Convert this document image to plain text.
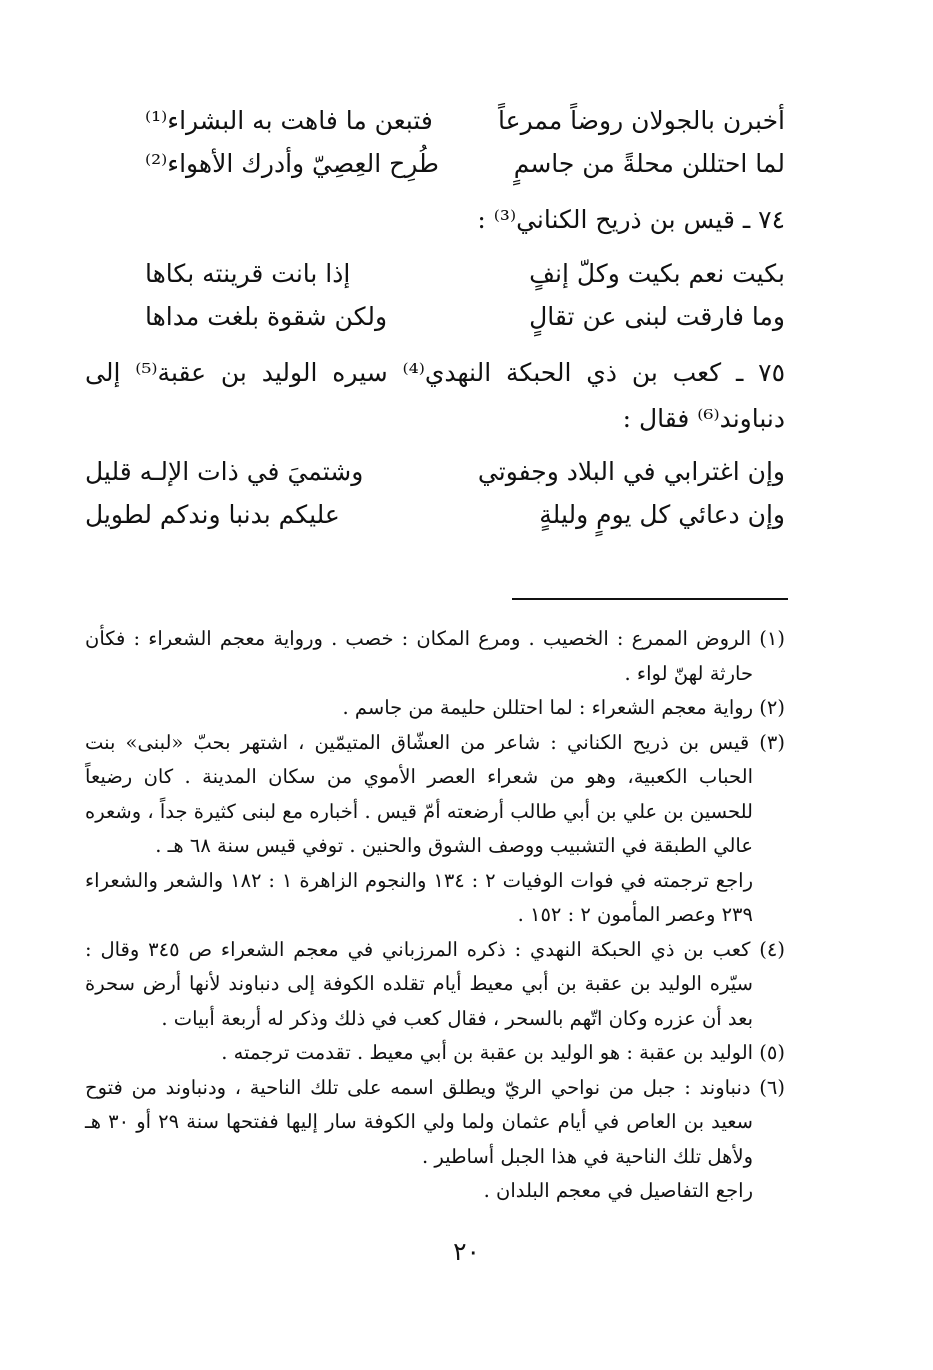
أخبرن بالجولان روضاً ممرعاً
فتبعن ما فاهت به البشراء⁽¹⁾
لما احتللن محلةً من جاسمٍ
طُرِح العِصِيّ وأدرك الأهواء⁽²⁾
٧٤ ـ قيس بن ذريح الكناني⁽³⁾ :
بكيت نعم بكيت وكلّ إنفٍ
إذا بانت قرينته بكاها
وما فارقت لبنى عن تقالٍ
ولكن شقوة بلغت مداها
٧٥ ـ كعب بن ذي الحبكة النهدي⁽⁴⁾ سيره الوليد بن عقبة⁽⁵⁾ إلى دنباوند⁽⁶⁾ فقال :
وإن اغترابي في البلاد وجفوتي
وشتميَ في ذات الإلـه قليل
وإن دعائي كل يومٍ وليلةٍ
عليكم بدنبا وندكم لطويل

(١) الروض الممرع : الخصيب . ومرع المكان : خصب . ورواية معجم الشعراء : فكأن حارثة لهنّ لواء .

(٢) رواية معجم الشعراء : لما احتللن حليمة من جاسم .

(٣) قيس بن ذريح الكناني : شاعر من العشّاق المتيمّين ، اشتهر بحبّ «لبنى» بنت الحباب الكعبية، وهو من شعراء العصر الأموي من سكان المدينة . كان رضيعاً للحسين بن علي بن أبي طالب أرضعته أمّ قيس . أخباره مع لبنى كثيرة جداً ، وشعره عالي الطبقة في التشبيب ووصف الشوق والحنين . توفي قيس سنة ٦٨ هـ .

راجع ترجمته في فوات الوفيات ٢ : ١٣٤ والنجوم الزاهرة ١ : ١٨٢ والشعر والشعراء ٢٣٩ وعصر المأمون ٢ : ١٥٢ .

(٤) كعب بن ذي الحبكة النهدي : ذكره المرزباني في معجم الشعراء ص ٣٤٥ وقال : سيّره الوليد بن عقبة بن أبي معيط أيام تقلده الكوفة إلى دنباوند لأنها أرض سحرة بعد أن عزره وكان اتّهم بالسحر ، فقال كعب في ذلك وذكر له أربعة أبيات .

(٥) الوليد بن عقبة : هو الوليد بن عقبة بن أبي معيط . تقدمت ترجمته .

(٦) دنباوند : جبل من نواحي الريّ ويطلق اسمه على تلك الناحية ، ودنباوند من فتوح سعيد بن العاص في أيام عثمان ولما ولي الكوفة سار إليها ففتحها سنة ٢٩ أو ٣٠ هـ ولأهل تلك الناحية في هذا الجبل أساطير .

راجع التفاصيل في معجم البلدان .

٢٠
